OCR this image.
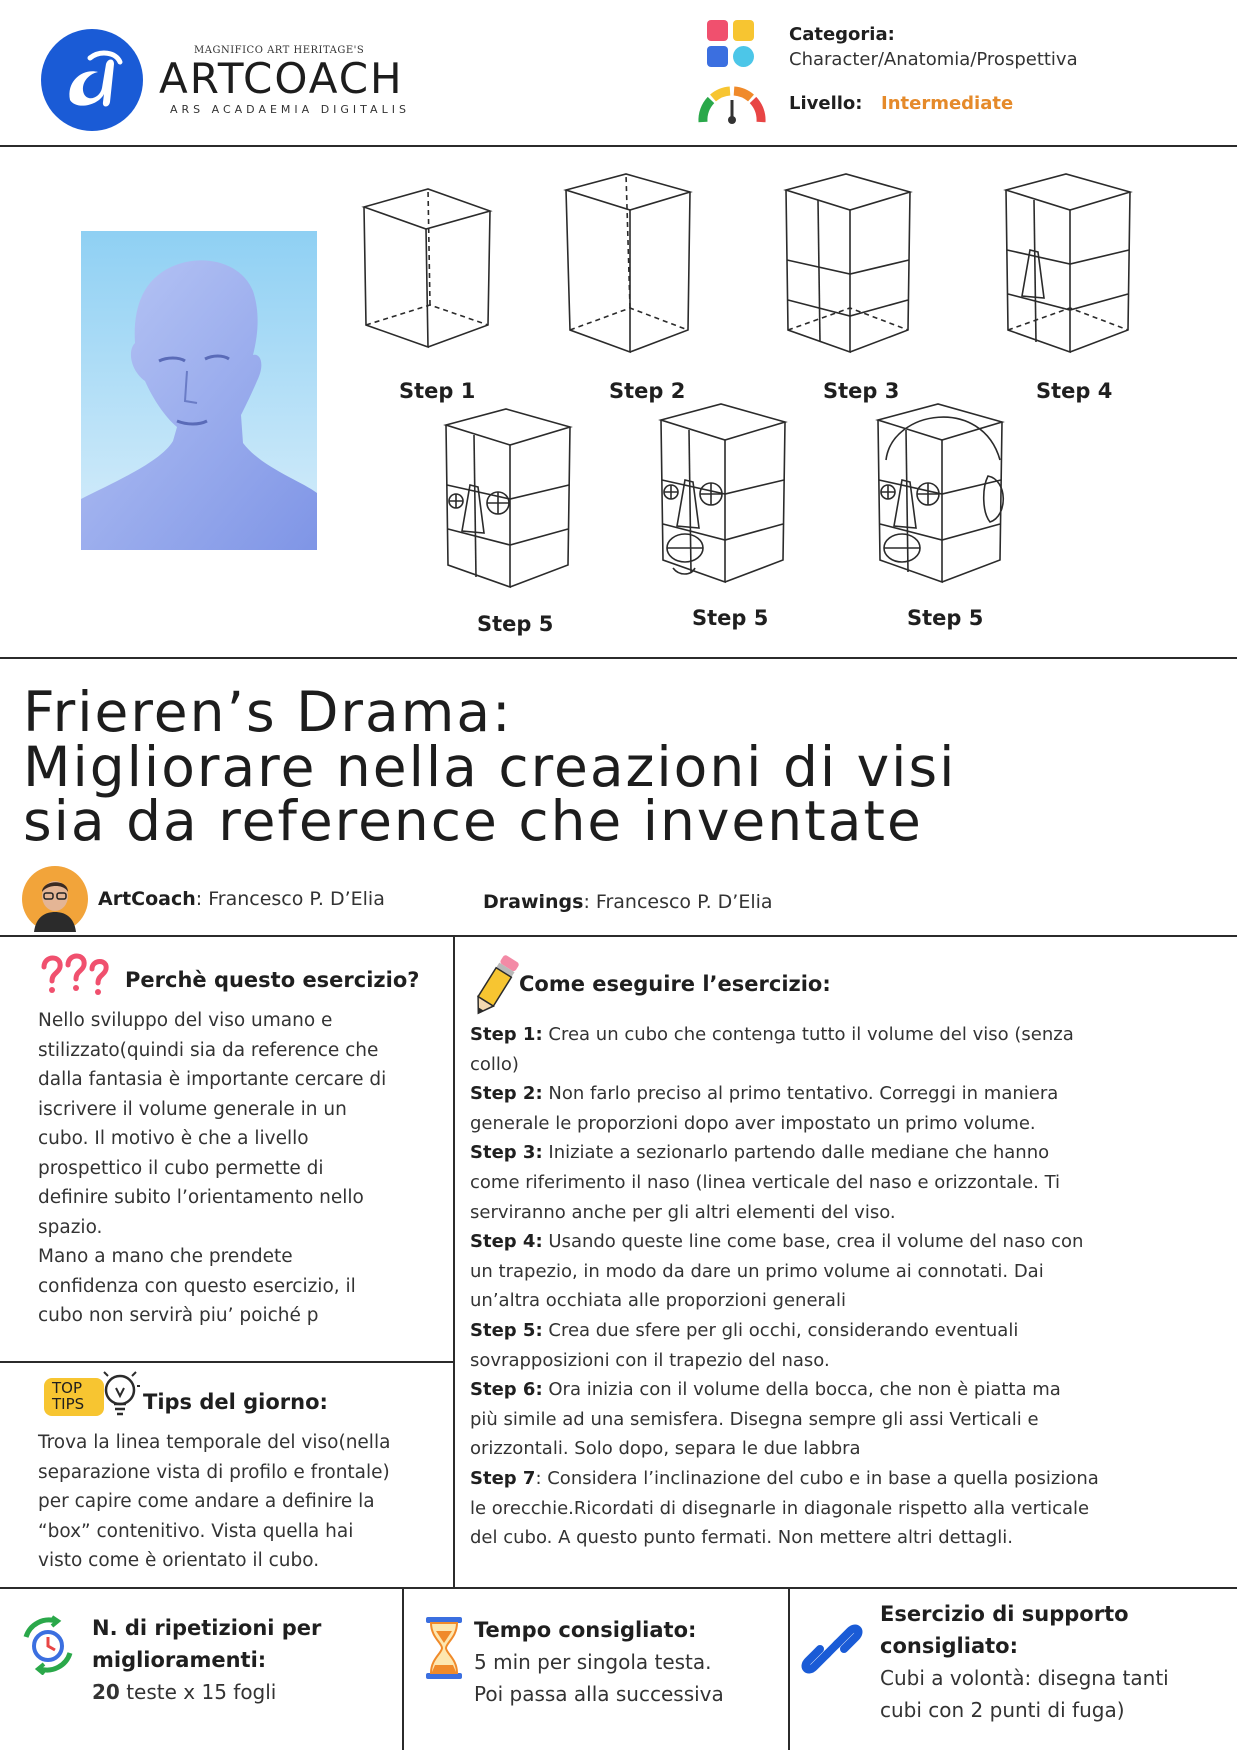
MAGNIFICO ART HERITAGE'S
ARTCOACH
ARS ACADAEMIA DIGITALIS
Categoria:
Character/Anatomia/Prospettiva
Livello: Intermediate
Step 1	Step 2	Step 3	Step 4
Step 5	Step 5	Step 5
Frieren’s Drama:
Migliorare nella creazioni di visi
sia da reference che inventate
ArtCoach: Francesco P. D’Elia	Drawings: Francesco P. D’Elia
Perchè questo esercizio?
Nello sviluppo del viso umano e
stilizzato(quindi sia da reference che
dalla fantasia è importante cercare di
iscrivere il volume generale in un
cubo. Il motivo è che a livello
prospettico il cubo permette di
definire subito l’orientamento nello
spazio.
Mano a mano che prendete
confidenza con questo esercizio, il
cubo non servirà piu’ poiché p
TOP
TIPS	Tips del giorno:
Trova la linea temporale del viso(nella
separazione vista di profilo e frontale)
per capire come andare a definire la
“box” contenitivo. Vista quella hai
visto come è orientato il cubo.
Come eseguire l’esercizio:

Step 1: Crea un cubo che contenga tutto il volume del viso (senza

collo)

Step 2: Non farlo preciso al primo tentativo. Correggi in maniera

generale le proporzioni dopo aver impostato un primo volume.

Step 3: Iniziate a sezionarlo partendo dalle mediane che hanno

come riferimento il naso (linea verticale del naso e orizzontale. Ti

serviranno anche per gli altri elementi del viso.

Step 4: Usando queste line come base, crea il volume del naso con

un trapezio, in modo da dare un primo volume ai connotati. Dai

un’altra occhiata alle proporzioni generali

Step 5: Crea due sfere per gli occhi, considerando eventuali

sovrapposizioni con il trapezio del naso.

Step 6: Ora inizia con il volume della bocca, che non è piatta ma

più simile ad una semisfera. Disegna sempre gli assi Verticali e

orizzontali. Solo dopo, separa le due labbra

Step 7: Considera l’inclinazione del cubo e in base a quella posiziona

le orecchie.Ricordati di disegnarle in diagonale rispetto alla verticale

del cubo. A questo punto fermati. Non mettere altri dettagli.

N. di ripetizioni per
miglioramenti:
20 teste x 15 fogli
Tempo consigliato:
5 min per singola testa.
Poi passa alla successiva
Esercizio di supporto
consigliato:
Cubi a volontà: disegna tanti
cubi con 2 punti di fuga)
